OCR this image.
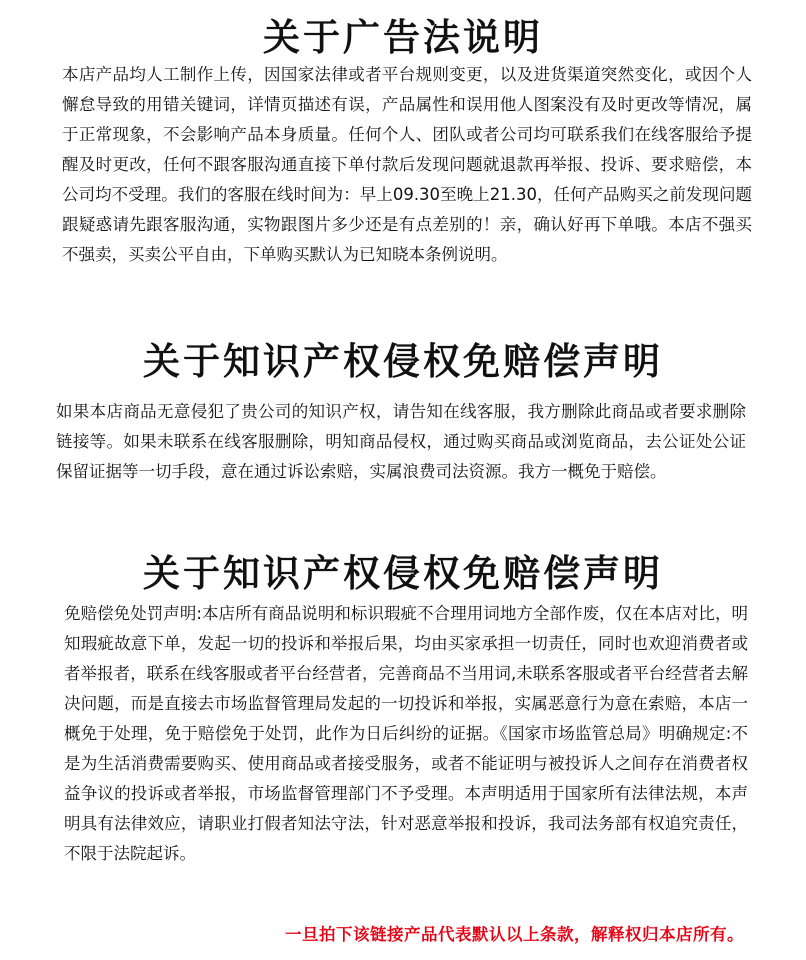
关于广告法说明

本店产品均人工制作上传，因国家法律或者平台规则变更，以及进货渠道突然变化，或因个人懈怠导致的用错关键词，详情页描述有误，产品属性和误用他人图案没有及时更改等情况，属于正常现象，不会影响产品本身质量。任何个人、团队或者公司均可联系我们在线客服给予提醒及时更改，任何不跟客服沟通直接下单付款后发现问题就退款再举报、投诉、要求赔偿，本公司均不受理。我们的客服在线时间为：早上09.30至晚上21.30，任何产品购买之前发现问题跟疑惑请先跟客服沟通，实物跟图片多少还是有点差别的！亲，确认好再下单哦。本店不强买不强卖，买卖公平自由，下单购买默认为已知晓本条例说明。

关于知识产权侵权免赔偿声明

如果本店商品无意侵犯了贵公司的知识产权，请告知在线客服，我方删除此商品或者要求删除链接等。如果未联系在线客服删除，明知商品侵权，通过购买商品或浏览商品，去公证处公证保留证据等一切手段，意在通过诉讼索赔，实属浪费司法资源。我方一概免于赔偿。

关于知识产权侵权免赔偿声明

免赔偿免处罚声明:本店所有商品说明和标识瑕疵不合理用词地方全部作废，仅在本店对比，明知瑕疵故意下单，发起一切的投诉和举报后果，均由买家承担一切责任，同时也欢迎消费者或者举报者，联系在线客服或者平台经营者，完善商品不当用词,未联系客服或者平台经营者去解决问题，而是直接去市场监督管理局发起的一切投诉和举报，实属恶意行为意在索赔，本店一概免于处理，免于赔偿免于处罚，此作为日后纠纷的证据。《国家市场监管总局》明确规定:不是为生活消费需要购买、使用商品或者接受服务，或者不能证明与被投诉人之间存在消费者权益争议的投诉或者举报，市场监督管理部门不予受理。本声明适用于国家所有法律法规，本声明具有法律效应，请职业打假者知法守法，针对恶意举报和投诉，我司法务部有权追究责任，不限于法院起诉。

一旦拍下该链接产品代表默认以上条款，解释权归本店所有。
